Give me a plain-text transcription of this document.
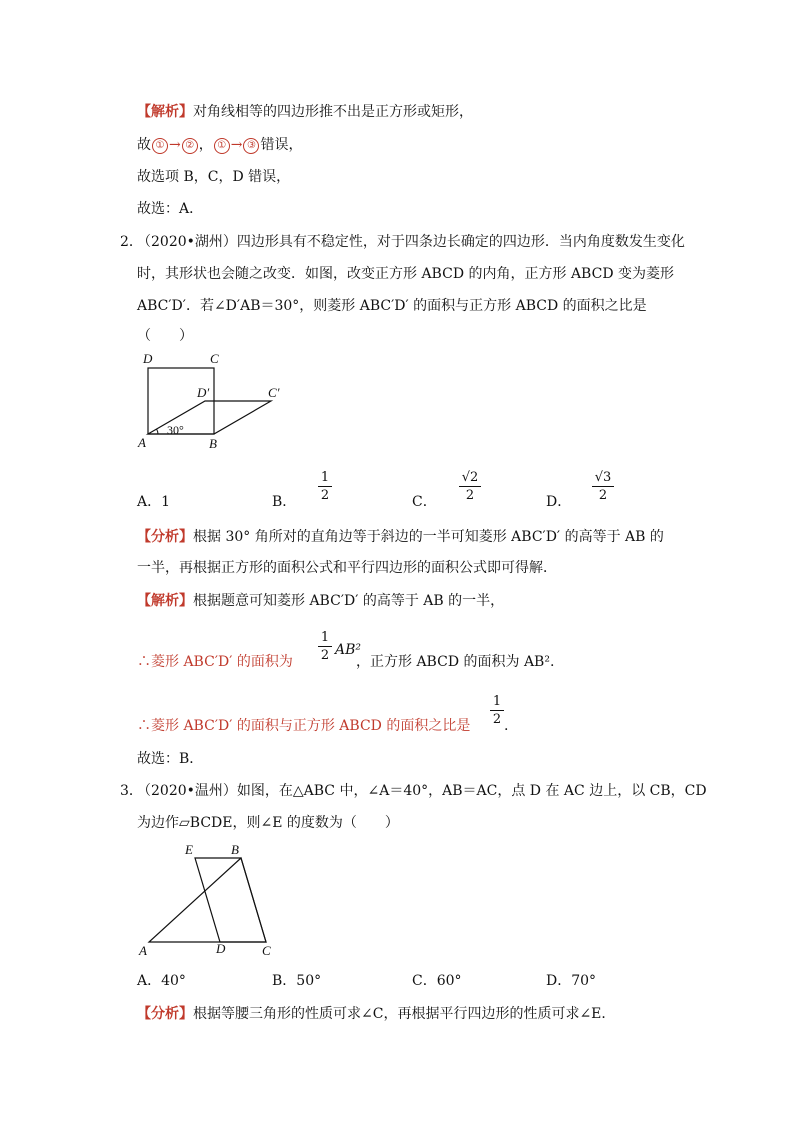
【解析】对角线相等的四边形推不出是正方形或矩形，
故 ① → ② ， ① → ③ 错误，
故选项 B，C，D 错误，
故选：A．
2．
（2020•湖州）四边形具有不稳定性，对于四条边长确定的四边形．当内角度数发生变化
时，其形状也会随之改变．如图，改变正方形 ABCD 的内角，正方形 ABCD 变为菱形
ABC′D′．若∠D′AB＝30°，则菱形 ABC′D′ 的面积与正方形 ABCD 的面积之比是
（　　）
D	C
D′	C′
A	B
30°
A．1	B．
1
2	C．
√2
2	D．
√3
2
【分析】根据 30° 角所对的直角边等于斜边的一半可知菱形 ABC′D′ 的高等于 AB 的
一半，再根据正方形的面积公式和平行四边形的面积公式即可得解．
【解析】根据题意可知菱形 ABC′D′ 的高等于 AB 的一半，
∴菱形 ABC′D′ 的面积为
1
2 AB²
，正方形 ABCD 的面积为 AB².
∴菱形 ABC′D′ 的面积与正方形 ABCD 的面积之比是
1
2 .
故选：B．
3．
（2020•温州）如图，在△ABC 中，∠A＝40°，AB＝AC，点 D 在 AC 边上，以 CB，CD
为边作▱BCDE，则∠E 的度数为（　　）
E	B
A	D	C
A．40°	B．50°	C．60°	D．70°
【分析】根据等腰三角形的性质可求∠C，再根据平行四边形的性质可求∠E．
